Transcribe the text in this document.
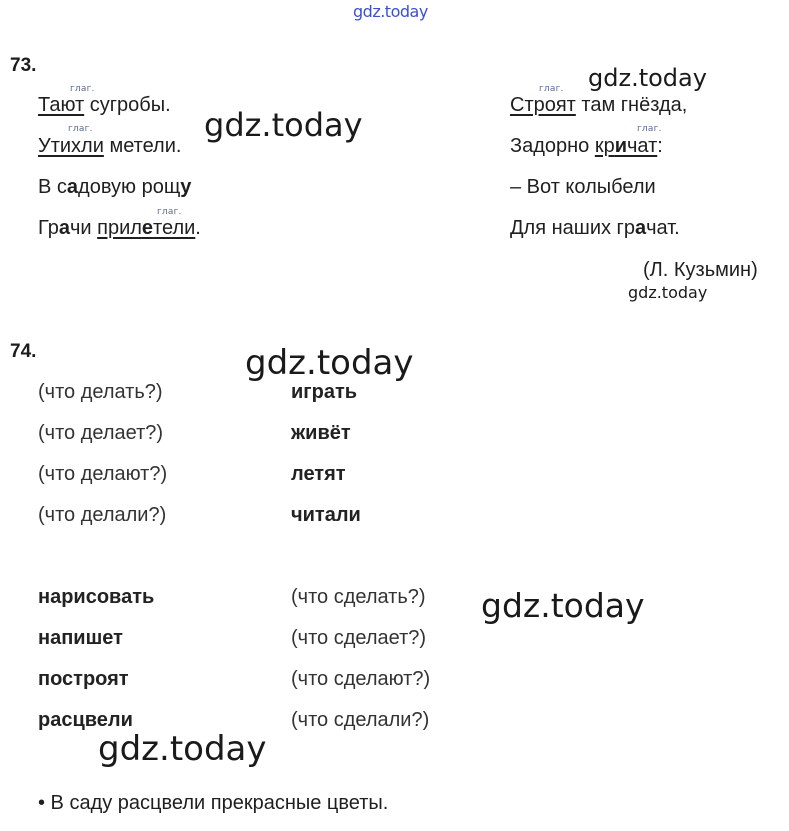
gdz.today
gdz.today
gdz.today
gdz.today
gdz.today
gdz.today
gdz.today
73.
глаг.
глаг.
глаг.
глаг.
глаг.
Тают сугробы.
Утихли метели.
В садовую рощу
Грачи прилетели.
Строят там гнёзда,
Задорно кричат:
– Вот колыбели
Для наших грачат.
(Л. Кузьмин)
74.
(что делать?)	играть
(что делает?)	живёт
(что делают?)	летят
(что делали?)	читали
нарисовать	(что сделать?)
напишет	(что сделает?)
построят	(что сделают?)
расцвели	(что сделали?)
• В саду расцвели прекрасные цветы.
